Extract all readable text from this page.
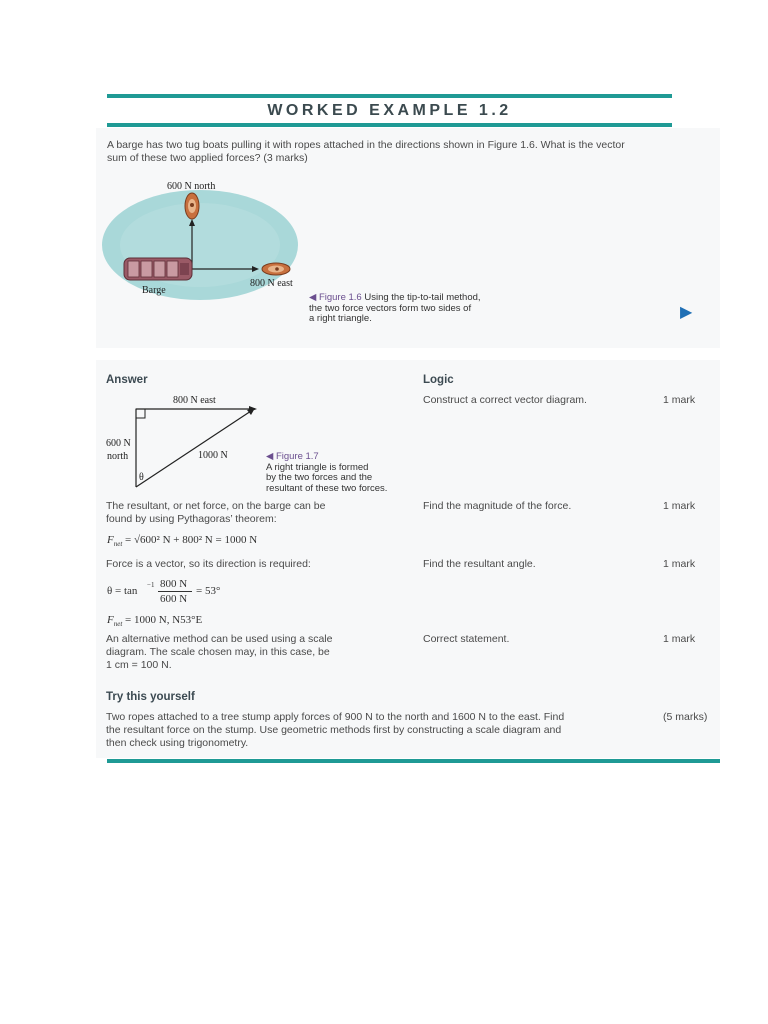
WORKED EXAMPLE 1.2
A barge has two tug boats pulling it with ropes attached in the directions shown in Figure 1.6. What is the vector
sum of these two applied forces? (3 marks)
600 N north
800 N east
Barge
◀ Figure 1.6 Using the tip-to-tail method,
the two force vectors form two sides of
a right triangle.	▶
Answer	Logic
800 N east
600 N
north	1000 N
θ
◀ Figure 1.7
A right triangle is formed
by the two forces and the
resultant of these two forces.
Construct a correct vector diagram.	1 mark
The resultant, or net force, on the barge can be
found by using Pythagoras’ theorem:
Find the magnitude of the force.	1 mark
$F_{net} = √600^2$ N + 800² N = 1000 N
Force is a vector, so its direction is required:	Find the resultant angle.	1 mark
θ = tan −1 800 N
600 N
= 53°
$F_{net} = 1000$ N, N53°E
An alternative method can be used using a scale
diagram. The scale chosen may, in this case, be
1 cm = 100 N.
Correct statement.	1 mark
Try this yourself
Two ropes attached to a tree stump apply forces of 900 N to the north and 1600 N to the east. Find
the resultant force on the stump. Use geometric methods first by constructing a scale diagram and
then check using trigonometry.
(5 marks)
